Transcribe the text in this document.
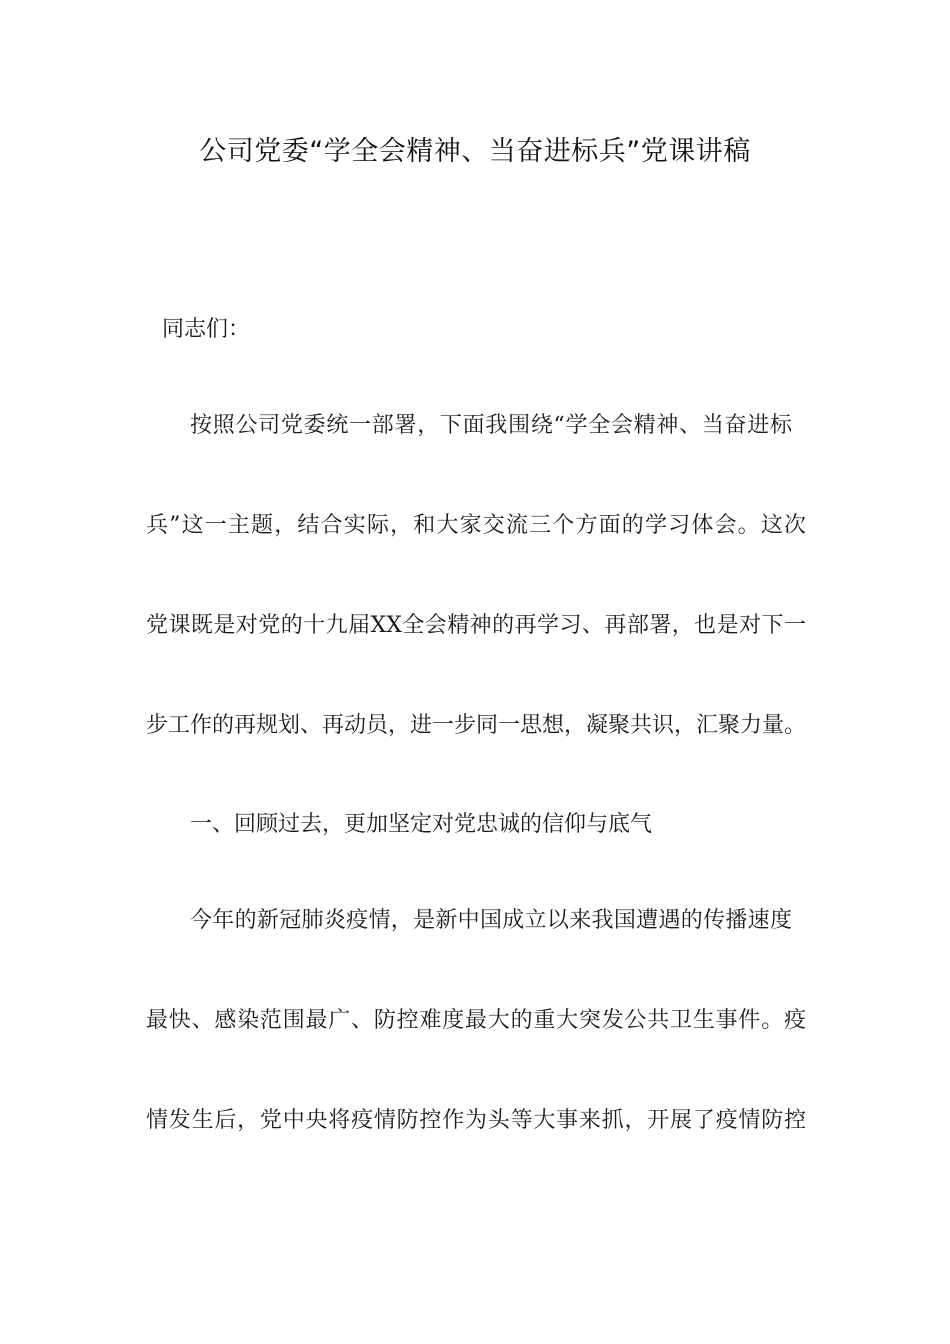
公司党委“学全会精神、当奋进标兵”党课讲稿
同志们：
按照公司党委统一部署，下面我围绕“学全会精神、当奋进标
兵”这一主题，结合实际，和大家交流三个方面的学习体会。这次
党课既是对党的十九届XX全会精神的再学习、再部署，也是对下一
步工作的再规划、再动员，进一步同一思想，凝聚共识，汇聚力量。
一、回顾过去，更加坚定对党忠诚的信仰与底气
今年的新冠肺炎疫情，是新中国成立以来我国遭遇的传播速度
最快、感染范围最广、防控难度最大的重大突发公共卫生事件。疫
情发生后，党中央将疫情防控作为头等大事来抓，开展了疫情防控
